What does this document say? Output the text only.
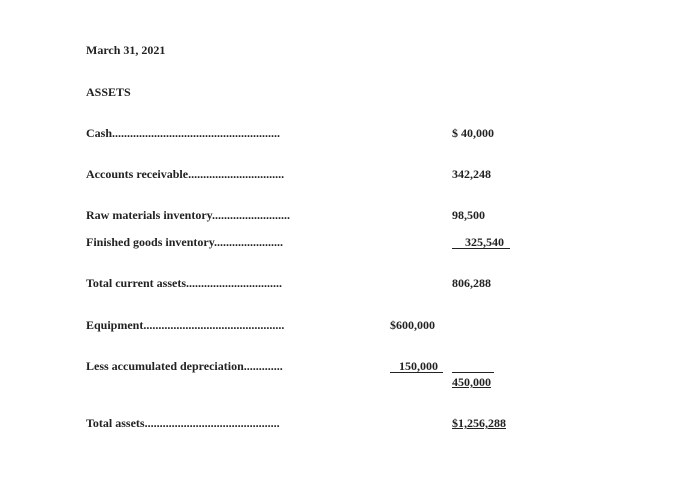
March 31, 2021
ASSETS
Cash........................................................	$ 40,000
Accounts receivable................................	342,248
Raw materials inventory..........................	98,500
Finished goods inventory.......................	325,540
Total current assets................................	806,288
Equipment...............................................	$600,000
Less accumulated depreciation.............	150,000
450,000
Total assets.............................................	$1,256,288
